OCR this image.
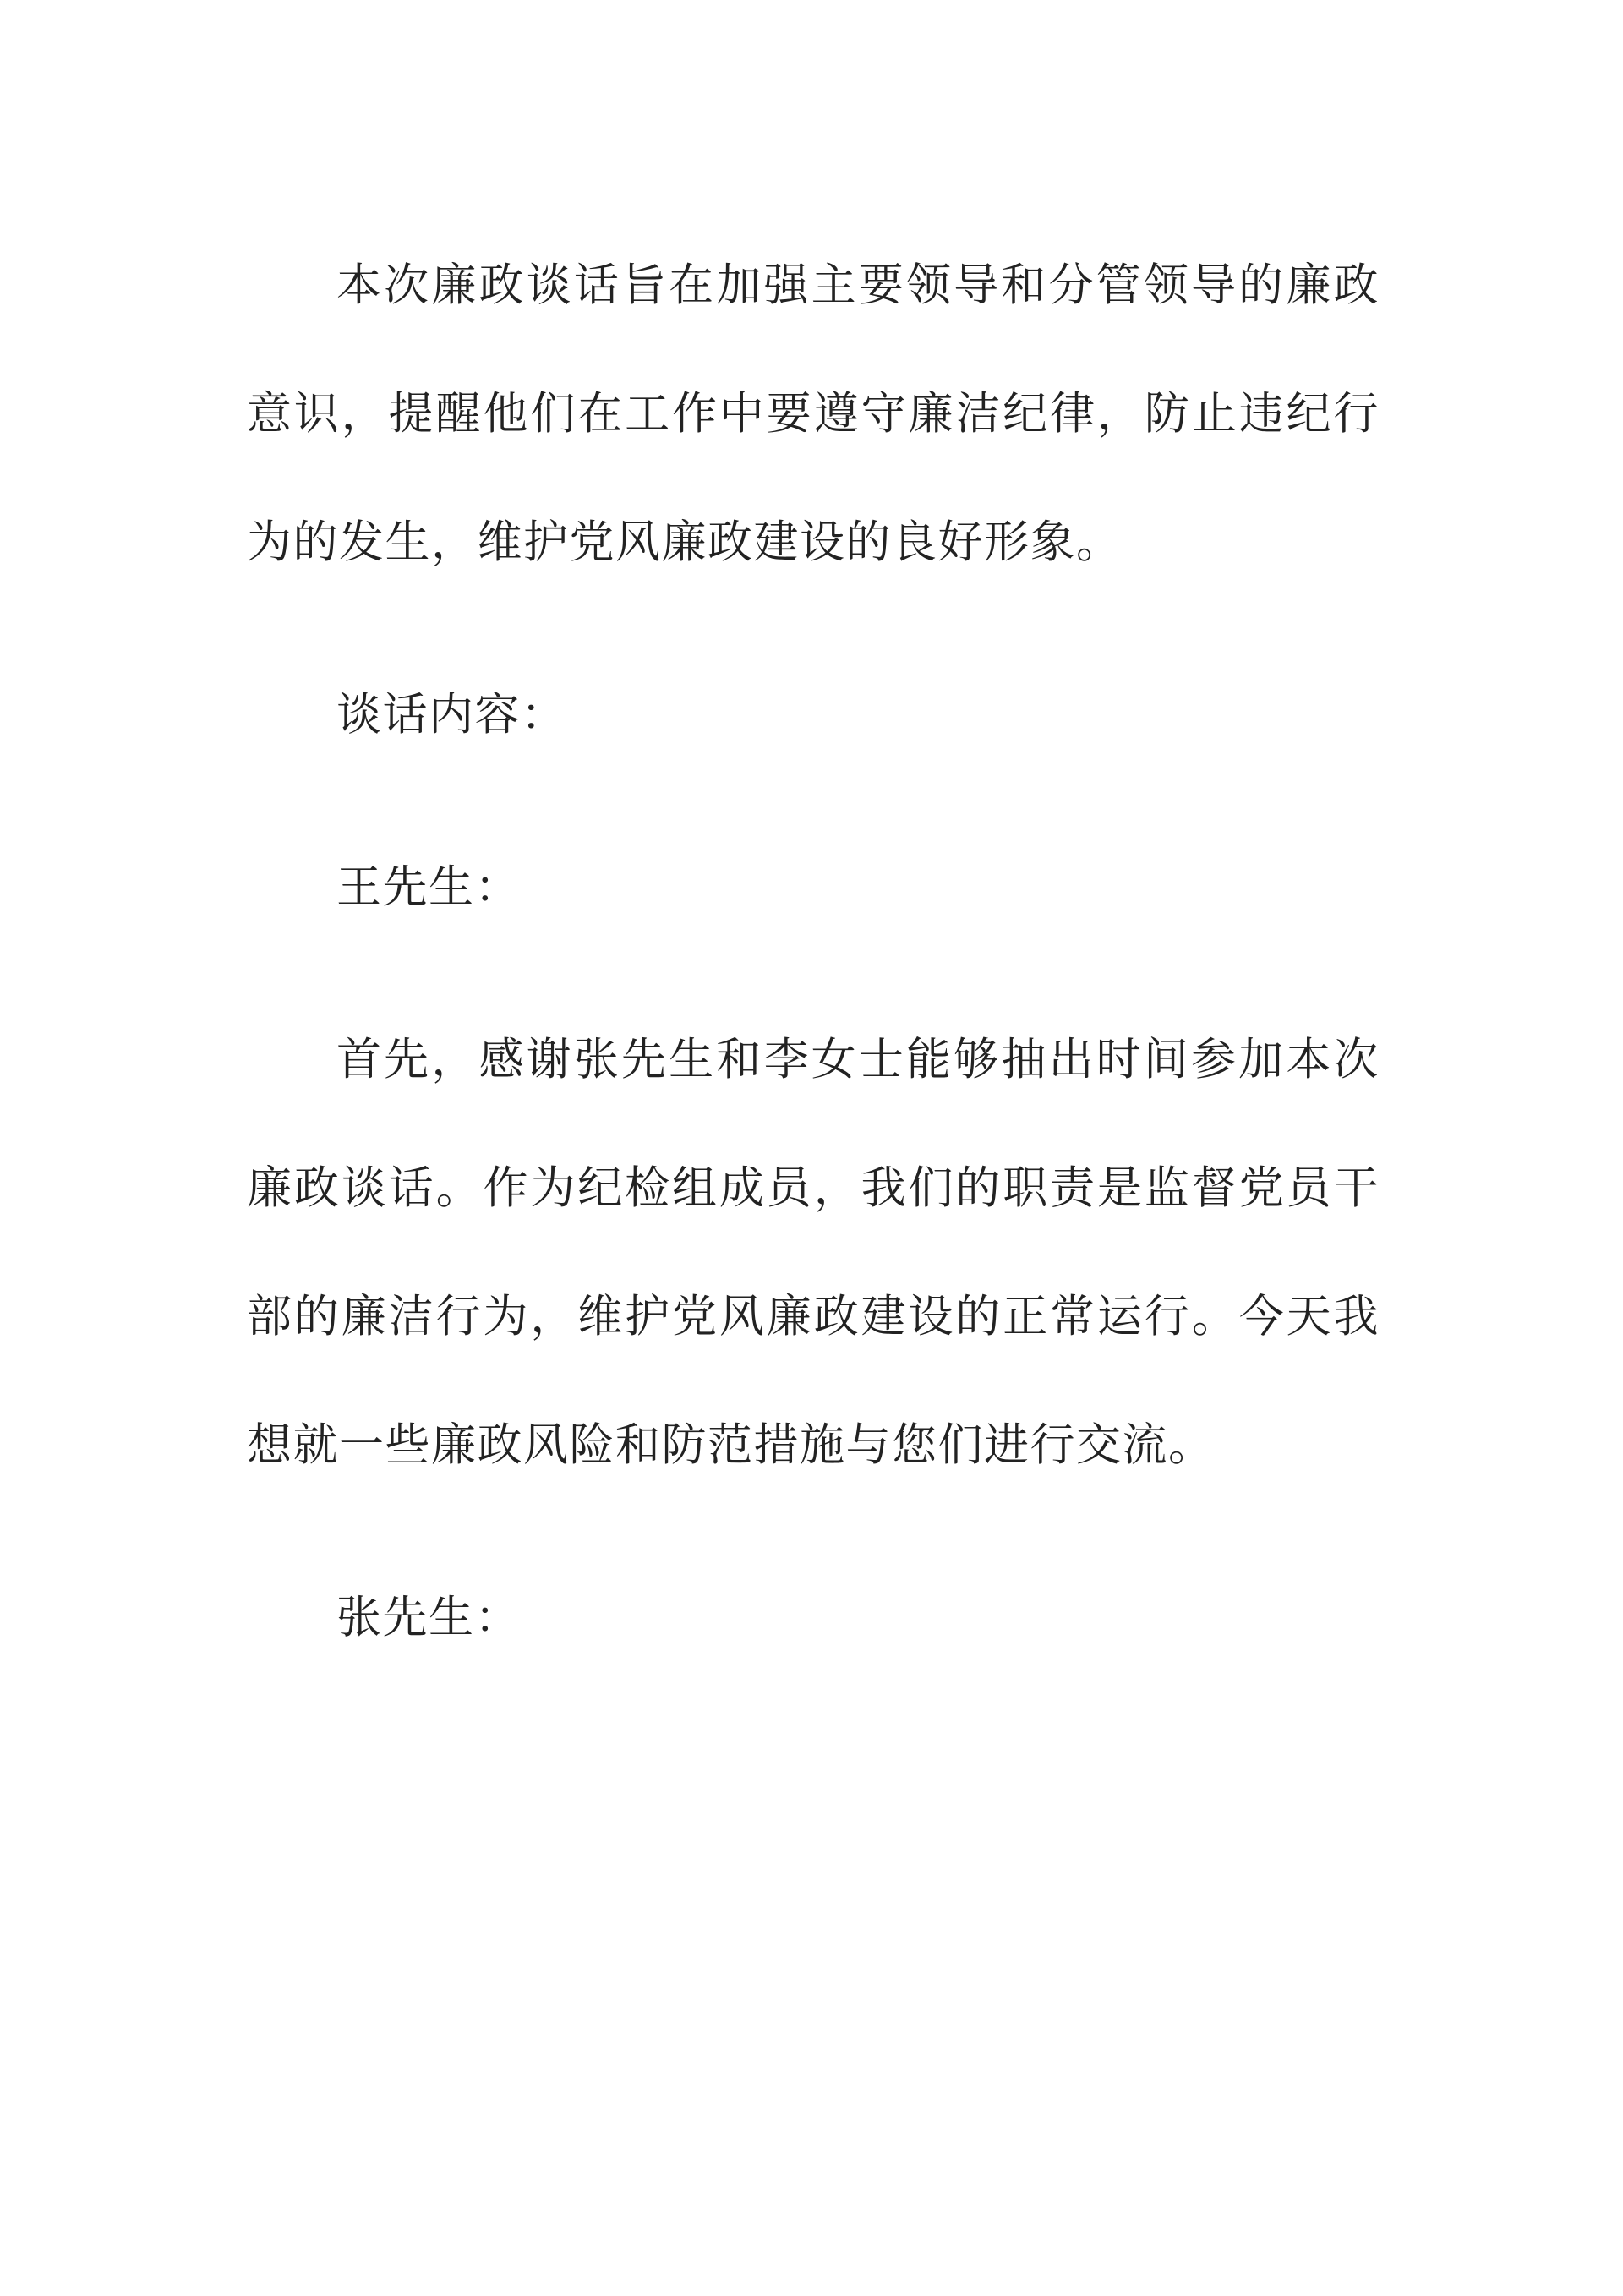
本次廉政谈话旨在加强主要领导和分管领导的廉政意识，提醒他们在工作中要遵守廉洁纪律，防止违纪行为的发生，维护党风廉政建设的良好形象。

谈话内容：

王先生：

首先，感谢张先生和李女士能够抽出时间参加本次廉政谈话。作为纪检组成员，我们的职责是监督党员干部的廉洁行为，维护党风廉政建设的正常运行。今天我想就一些廉政风险和防范措施与您们进行交流。

张先生：
